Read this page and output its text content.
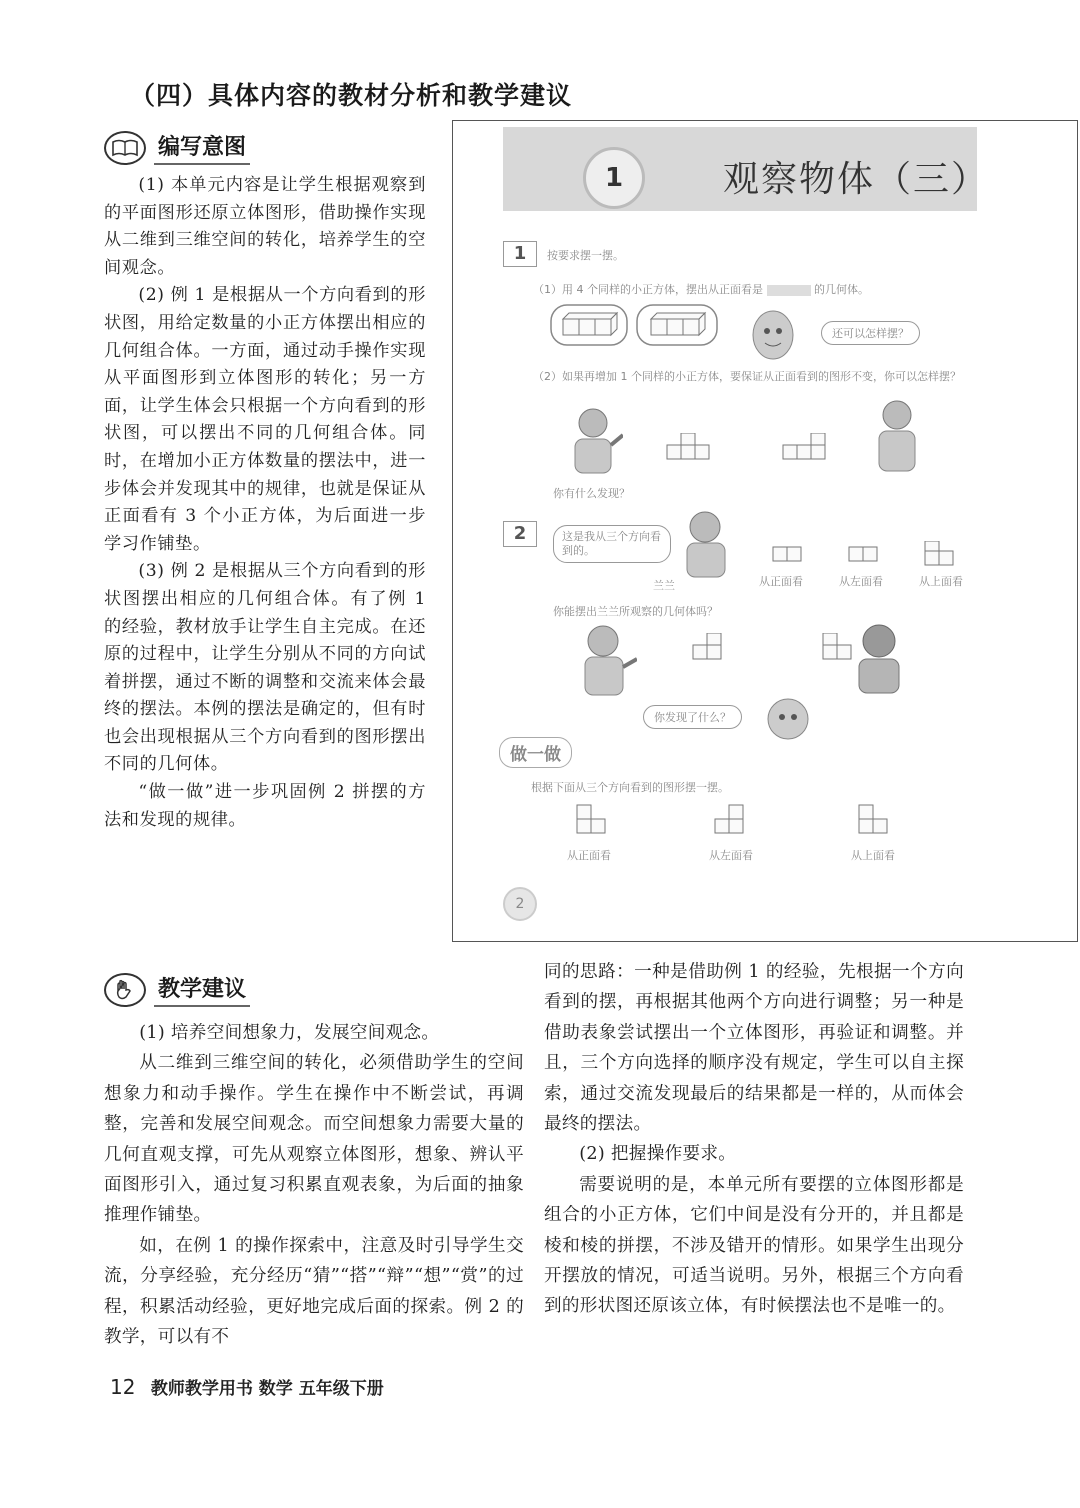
（四）具体内容的教材分析和教学建议
编写意图

(1) 本单元内容是让学生根据观察到的平面图形还原立体图形，借助操作实现从二维到三维空间的转化，培养学生的空间观念。

(2) 例 1 是根据从一个方向看到的形状图，用给定数量的小正方体摆出相应的几何组合体。一方面，通过动手操作实现从平面图形到立体图形的转化；另一方面，让学生体会只根据一个方向看到的形状图，可以摆出不同的几何组合体。同时，在增加小正方体数量的摆法中，进一步体会并发现其中的规律，也就是保证从正面看有 3 个小正方体，为后面进一步学习作铺垫。

(3) 例 2 是根据从三个方向看到的形状图摆出相应的几何组合体。有了例 1 的经验，教材放手让学生自主完成。在还原的过程中，让学生分别从不同的方向试着拼摆，通过不断的调整和交流来体会最终的摆法。本例的摆法是确定的，但有时也会出现根据从三个方向看到的图形摆出不同的几何体。

“做一做”进一步巩固例 2 拼摆的方法和发现的规律。

1	观察物体（三）
1	按要求摆一摆。
（1）用 4 个同样的小正方体，摆出从正面看是	的几何体。
还可以怎样摆？
（2）如果再增加 1 个同样的小正方体，要保证从正面看到的图形不变，你可以怎样摆？
你有什么发现？
2	这是我从三个方向看到的。
兰兰	从正面看	从左面看	从上面看
你能摆出兰兰所观察的几何体吗？
你发现了什么？
做一做
根据下面从三个方向看到的图形摆一摆。
从正面看	从左面看	从上面看
2
教学建议

(1) 培养空间想象力，发展空间观念。

从二维到三维空间的转化，必须借助学生的空间想象力和动手操作。学生在操作中不断尝试，再调整，完善和发展空间观念。而空间想象力需要大量的几何直观支撑，可先从观察立体图形，想象、辨认平面图形引入，通过复习积累直观表象，为后面的抽象推理作铺垫。

如，在例 1 的操作探索中，注意及时引导学生交流，分享经验，充分经历“猜”“搭”“辩”“想”“赏”的过程，积累活动经验，更好地完成后面的探索。例 2 的教学，可以有不

同的思路：一种是借助例 1 的经验，先根据一个方向看到的摆，再根据其他两个方向进行调整；另一种是借助表象尝试摆出一个立体图形，再验证和调整。并且，三个方向选择的顺序没有规定，学生可以自主探索，通过交流发现最后的结果都是一样的，从而体会最终的摆法。

(2) 把握操作要求。

需要说明的是，本单元所有要摆的立体图形都是组合的小正方体，它们中间是没有分开的，并且都是棱和棱的拼摆，不涉及错开的情形。如果学生出现分开摆放的情况，可适当说明。另外，根据三个方向看到的形状图还原该立体，有时候摆法也不是唯一的。

12 教师教学用书 数学 五年级下册
